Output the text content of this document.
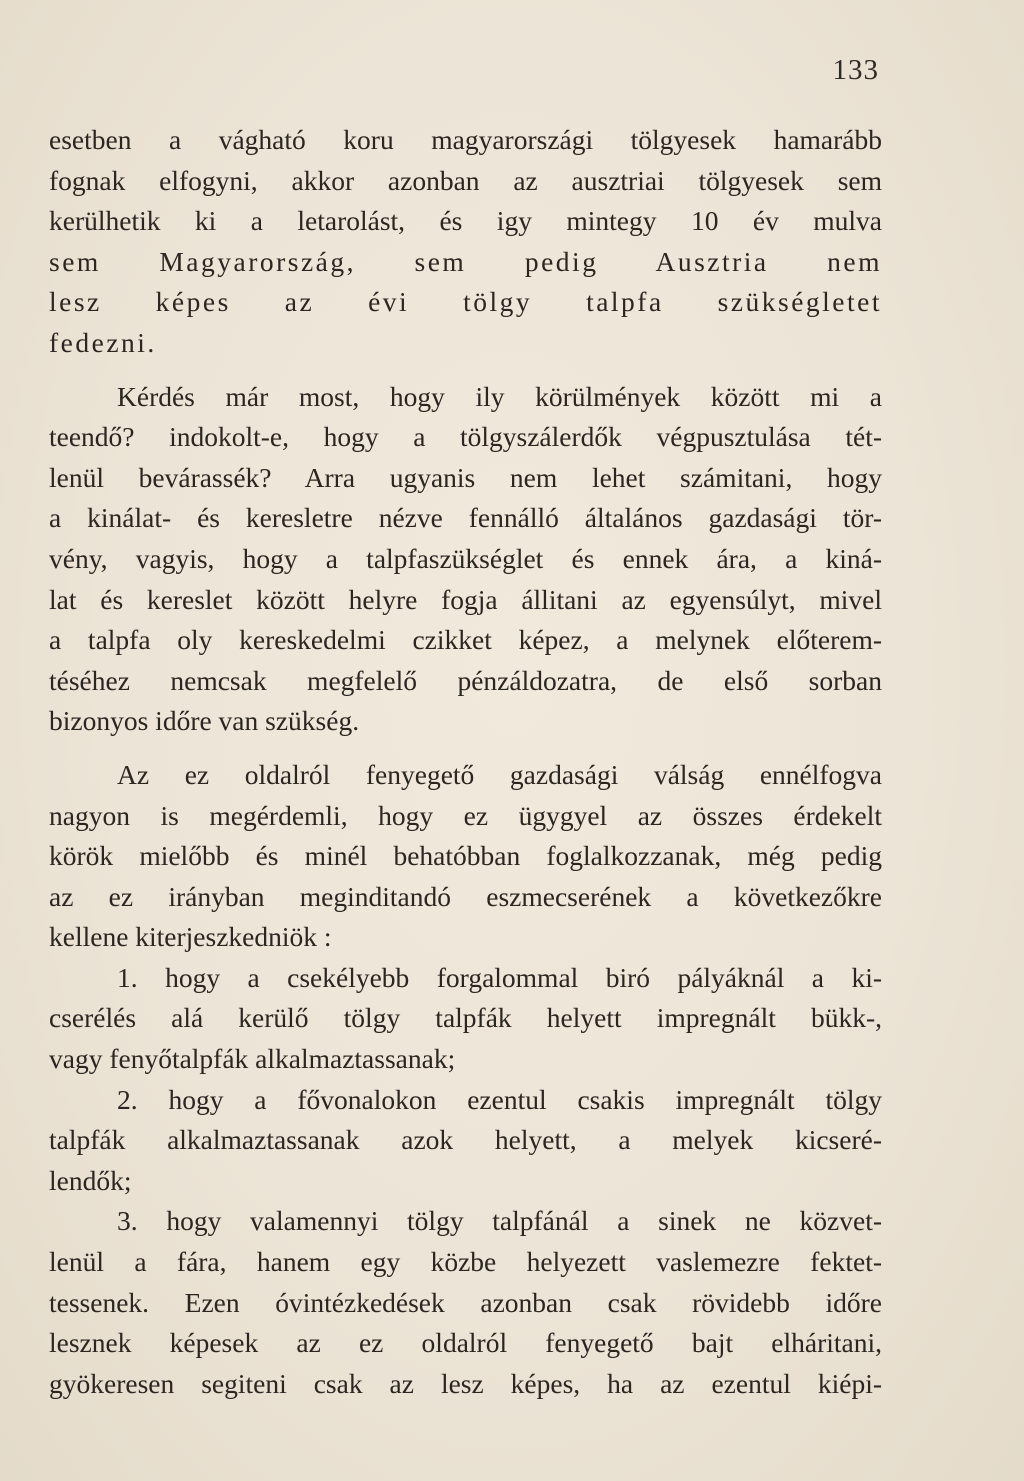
133
esetben a vágható koru magyarországi tölgyesek hamarább
fognak elfogyni, akkor azonban az ausztriai tölgyesek sem
kerülhetik ki a letarolást, és igy mintegy 10 év mulva
sem Magyarország, sem pedig Ausztria nem
lesz képes az évi tölgy talpfa szükségletet
fedezni.
Kérdés már most, hogy ily körülmények között mi a
teendő? indokolt-e, hogy a tölgyszálerdők végpusztulása tét-
lenül bevárassék? Arra ugyanis nem lehet számitani, hogy
a kinálat- és keresletre nézve fennálló általános gazdasági tör-
vény, vagyis, hogy a talpfaszükséglet és ennek ára, a kiná-
lat és kereslet között helyre fogja állitani az egyensúlyt, mivel
a talpfa oly kereskedelmi czikket képez, a melynek előterem-
téséhez nemcsak megfelelő pénzáldozatra, de első sorban
bizonyos időre van szükség.
Az ez oldalról fenyegető gazdasági válság ennélfogva
nagyon is megérdemli, hogy ez ügygyel az összes érdekelt
körök mielőbb és minél behatóbban foglalkozzanak, még pedig
az ez irányban meginditandó eszmecserének a következőkre
kellene kiterjeszkedniök :
1. hogy a csekélyebb forgalommal biró pályáknál a ki-
cserélés alá kerülő tölgy talpfák helyett impregnált bükk-,
vagy fenyőtalpfák alkalmaztassanak;
2. hogy a fővonalokon ezentul csakis impregnált tölgy
talpfák alkalmaztassanak azok helyett, a melyek kicseré-
lendők;
3. hogy valamennyi tölgy talpfánál a sinek ne közvet-
lenül a fára, hanem egy közbe helyezett vaslemezre fektet-
tessenek. Ezen óvintézkedések azonban csak rövidebb időre
lesznek képesek az ez oldalról fenyegető bajt elháritani,
gyökeresen segiteni csak az lesz képes, ha az ezentul kiépi-
